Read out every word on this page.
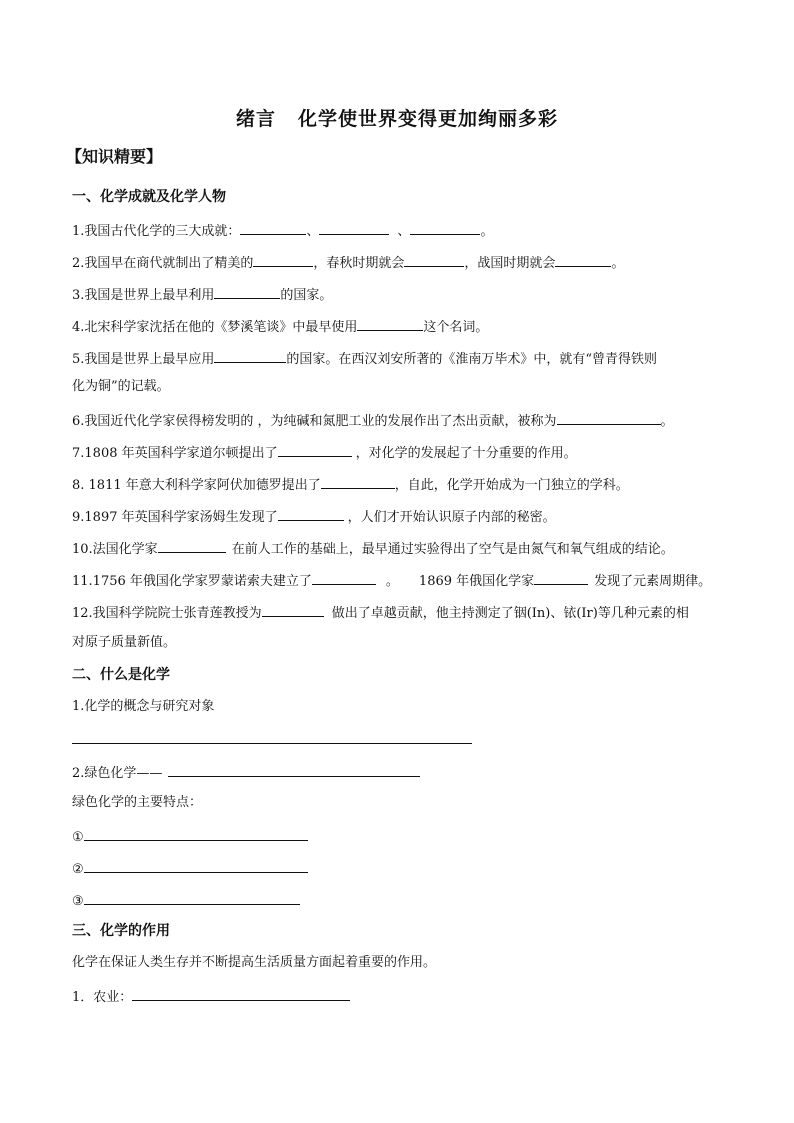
绪言 化学使世界变得更加绚丽多彩
【知识精要】
一、化学成就及化学人物
1.我国古代化学的三大成就：	、	、	。
2.我国早在商代就制出了精美的	，春秋时期就会	，战国时期就会	。
3.我国是世界上最早利用	的国家。
4.北宋科学家沈括在他的《梦溪笔谈》中最早使用	这个名词。
5.我国是世界上最早应用	的国家。在西汉刘安所著的《淮南万毕术》中，就有“曾青得铁则
化为铜”的记载。
6.我国近代化学家侯得榜发明的 ，为纯碱和氮肥工业的发展作出了杰出贡献，被称为	。
7.1808 年英国科学家道尔顿提出了	，对化学的发展起了十分重要的作用。
8. 1811 年意大利科学家阿伏加德罗提出了	，自此，化学开始成为一门独立的学科。
9.1897 年英国科学家汤姆生发现了	，人们才开始认识原子内部的秘密。
10.法国化学家	在前人工作的基础上，最早通过实验得出了空气是由氮气和氧气组成的结论。
11.1756 年俄国化学家罗蒙诺索夫建立了	。 1869 年俄国化学家	发现了元素周期律。
12.我国科学院院士张青莲教授为	做出了卓越贡献，他主持测定了铟(In)、铱(Ir)等几种元素的相
对原子质量新值。
二、什么是化学
1.化学的概念与研究对象
2.绿色化学——
绿色化学的主要特点：
①
②
③
三、化学的作用
化学在保证人类生存并不断提高生活质量方面起着重要的作用。
1．农业：
